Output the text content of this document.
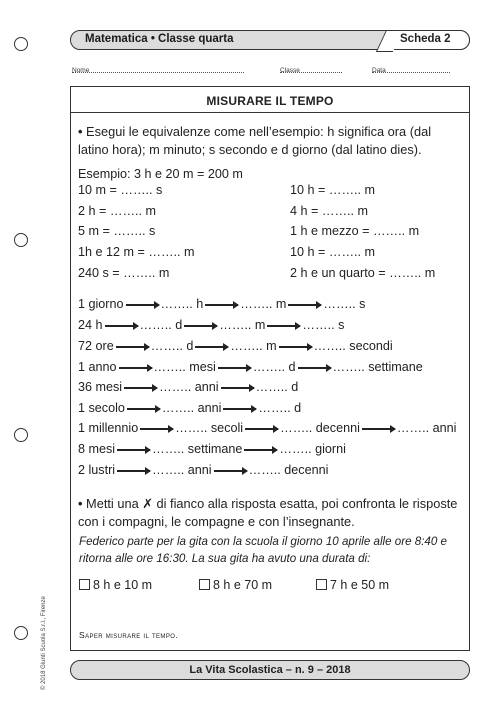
Matematica • Classe quarta	Scheda 2
Nome	Classe	Data
MISURARE IL TEMPO
• Esegui le equivalenze come nell’esempio: h significa ora (dal latino hora); m minuto; s secondo e d giorno (dal latino dies).
Esempio: 3 h e 20 m = 200 m
10 m = …….. s	10 h = …….. m
2 h = …….. m	4 h = …….. m
5 m = …….. s	1 h e mezzo = …….. m
1h e 12 m = …….. m	10 h = …….. m
240 s = …….. m	2 h e un quarto = …….. m
1 giorno	…….. h	…….. m	…….. s
24 h	…….. d	…….. m	…….. s
72 ore	…….. d	…….. m	…….. secondi
1 anno	…….. mesi	…….. d	…….. settimane
36 mesi	…….. anni	…….. d
1 secolo	…….. anni	…….. d
1 millennio	…….. secoli	…….. decenni	…….. anni
8 mesi	…….. settimane	…….. giorni
2 lustri	…….. anni	…….. decenni
• Metti una ✗ di fianco alla risposta esatta, poi confronta le risposte con i compagni, le compagne e con l’insegnante.
Federico parte per la gita con la scuola il giorno 10 aprile alle ore 8:40 e ritorna alle ore 16:30. La sua gita ha avuto una durata di:
8 h e 10 m	8 h e 70 m	7 h e 50 m
Saper misurare il tempo.
© 2018 Giunti Scuola S.r.l., Firenze	La Vita Scolastica – n. 9 – 2018
